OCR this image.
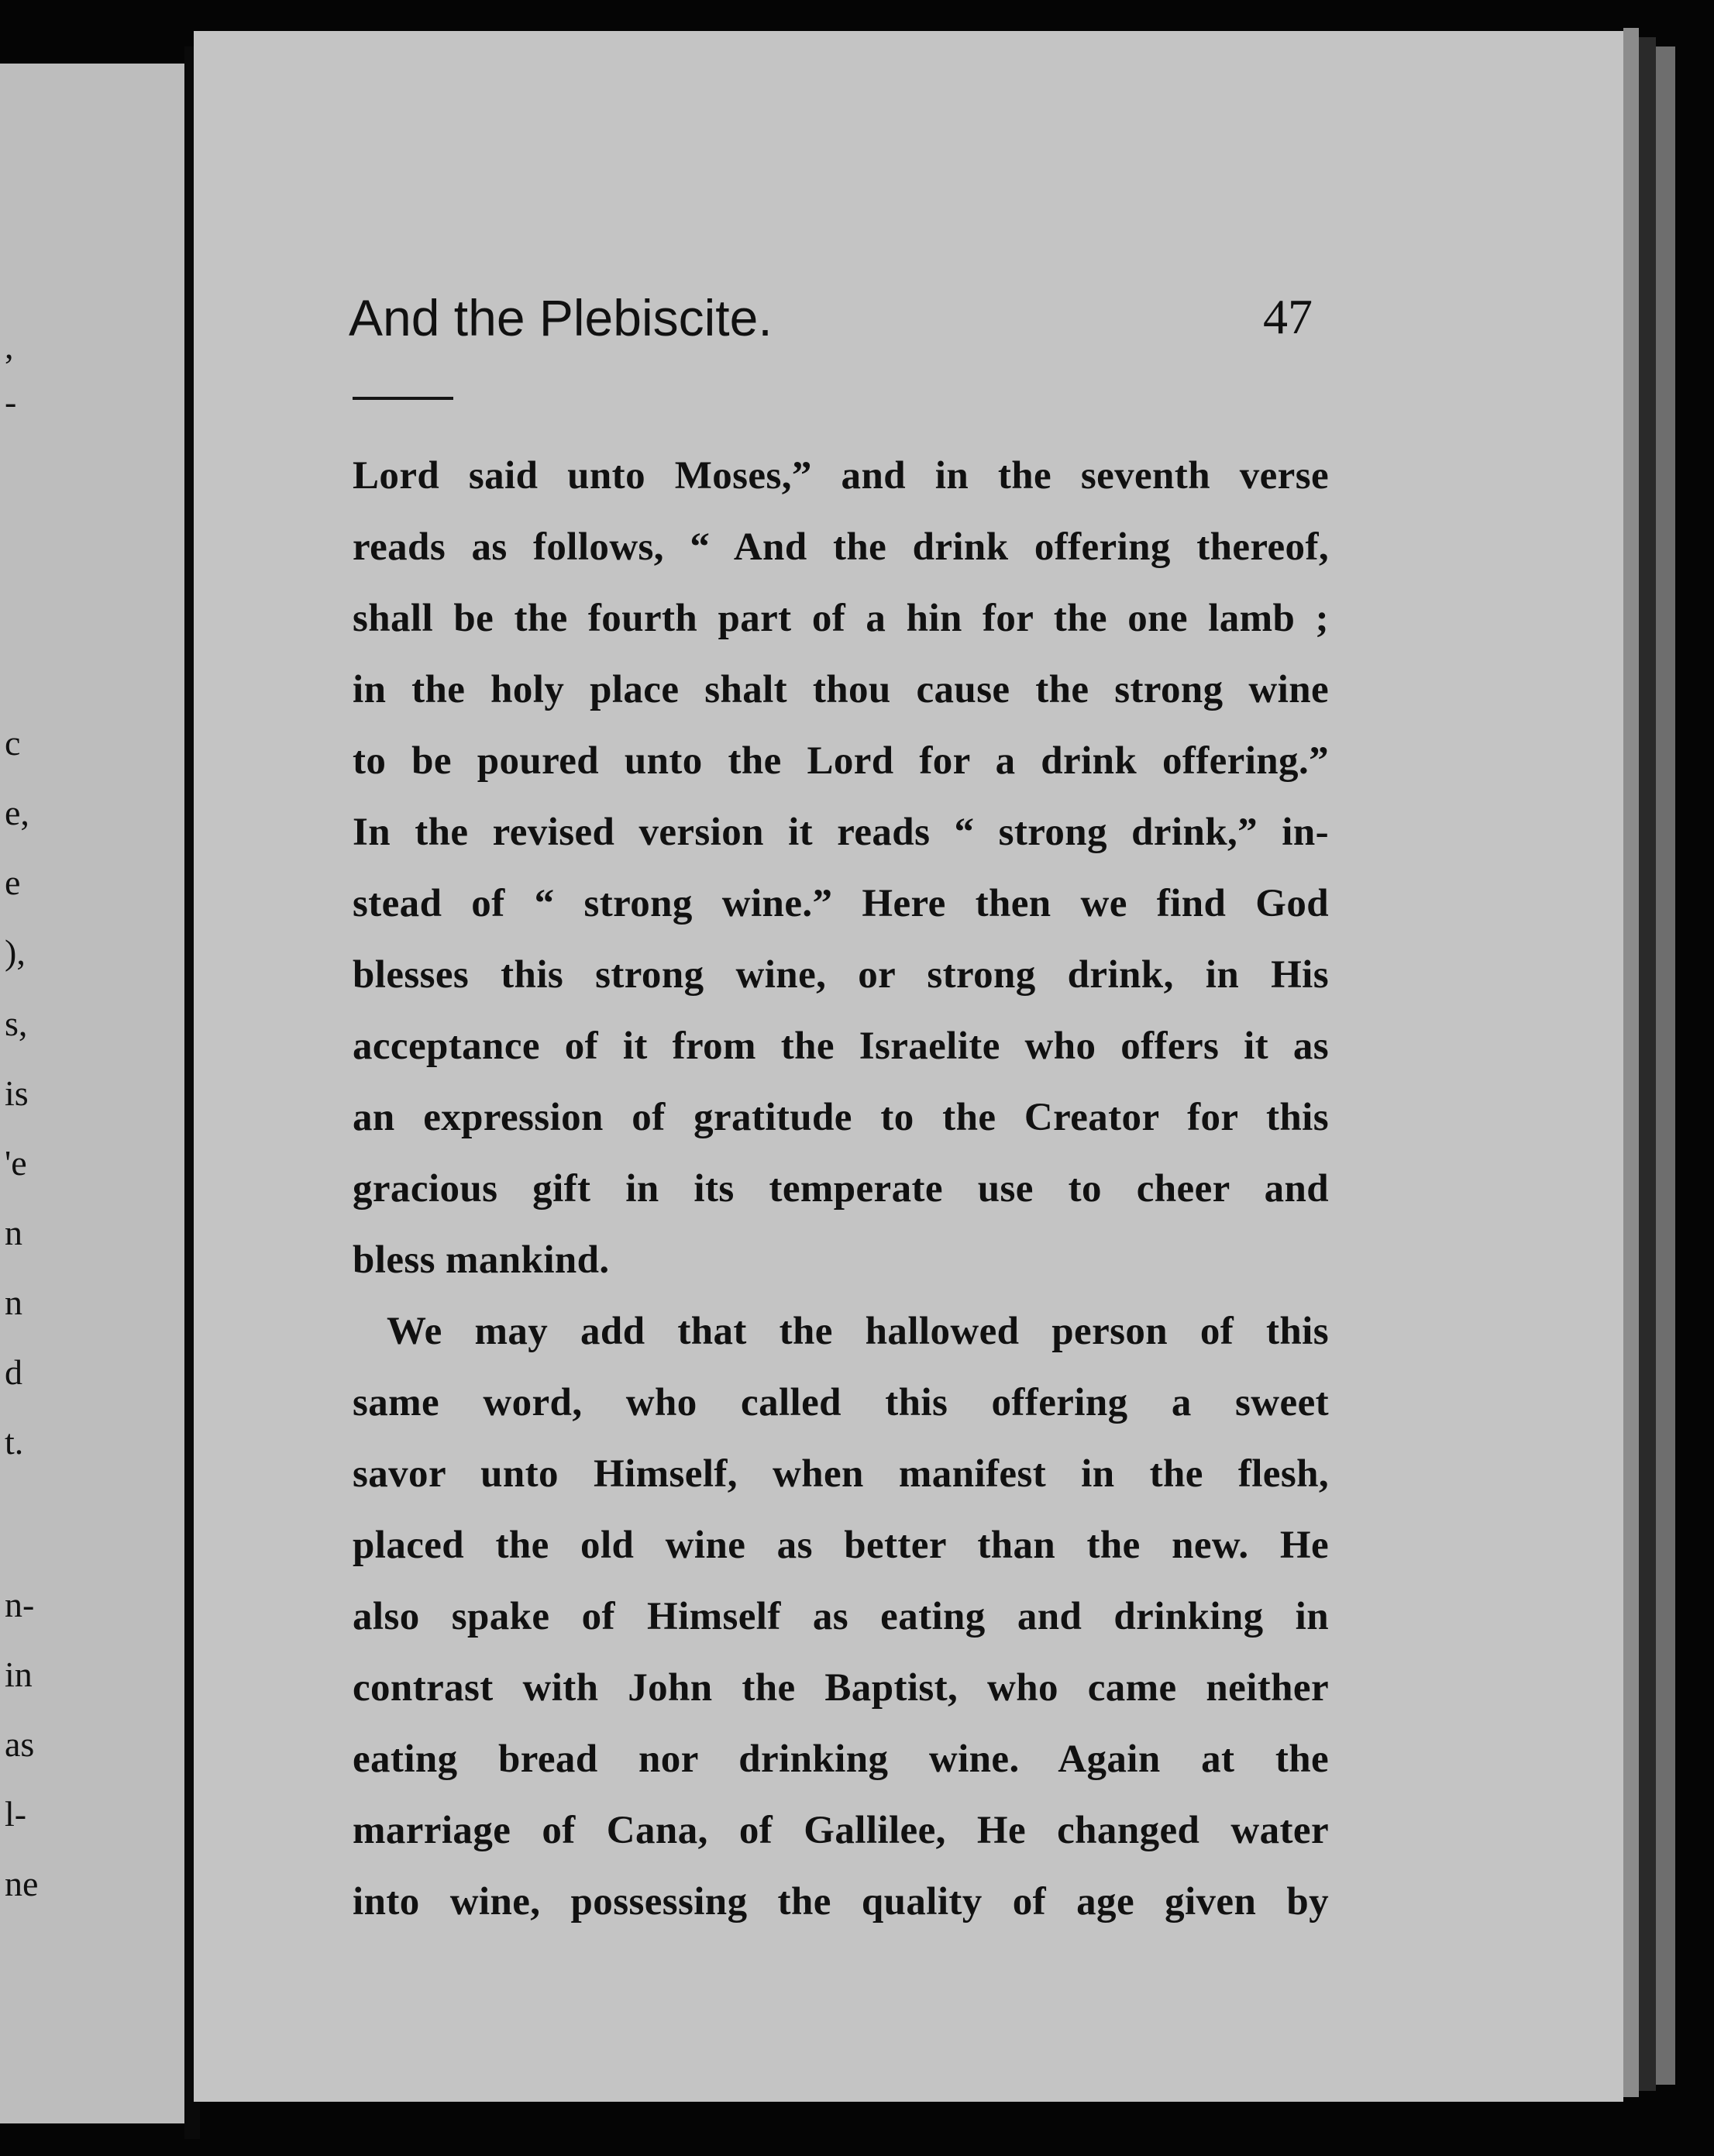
,
-
c
e,
e
),
s,
is
'e
n
n
d
t.
n-
in
as
l-
ne
And the Plebiscite.	47
Lord said unto Moses,” and in the seventh verse
reads as follows, “ And the drink offering thereof,
shall be the fourth part of a hin for the one lamb ;
in the holy place shalt thou cause the strong wine
to be poured unto the Lord for a drink offering.”
In the revised version it reads “ strong drink,” in-
stead of “ strong wine.” Here then we find God
blesses this strong wine, or strong drink, in His
acceptance of it from the Israelite who offers it as
an expression of gratitude to the Creator for this
gracious gift in its temperate use to cheer and
bless mankind.
We may add that the hallowed person of this
same word, who called this offering a sweet
savor unto Himself, when manifest in the flesh,
placed the old wine as better than the new. He
also spake of Himself as eating and drinking in
contrast with John the Baptist, who came neither
eating bread nor drinking wine. Again at the
marriage of Cana, of Gallilee, He changed water
into wine, possessing the quality of age given by
